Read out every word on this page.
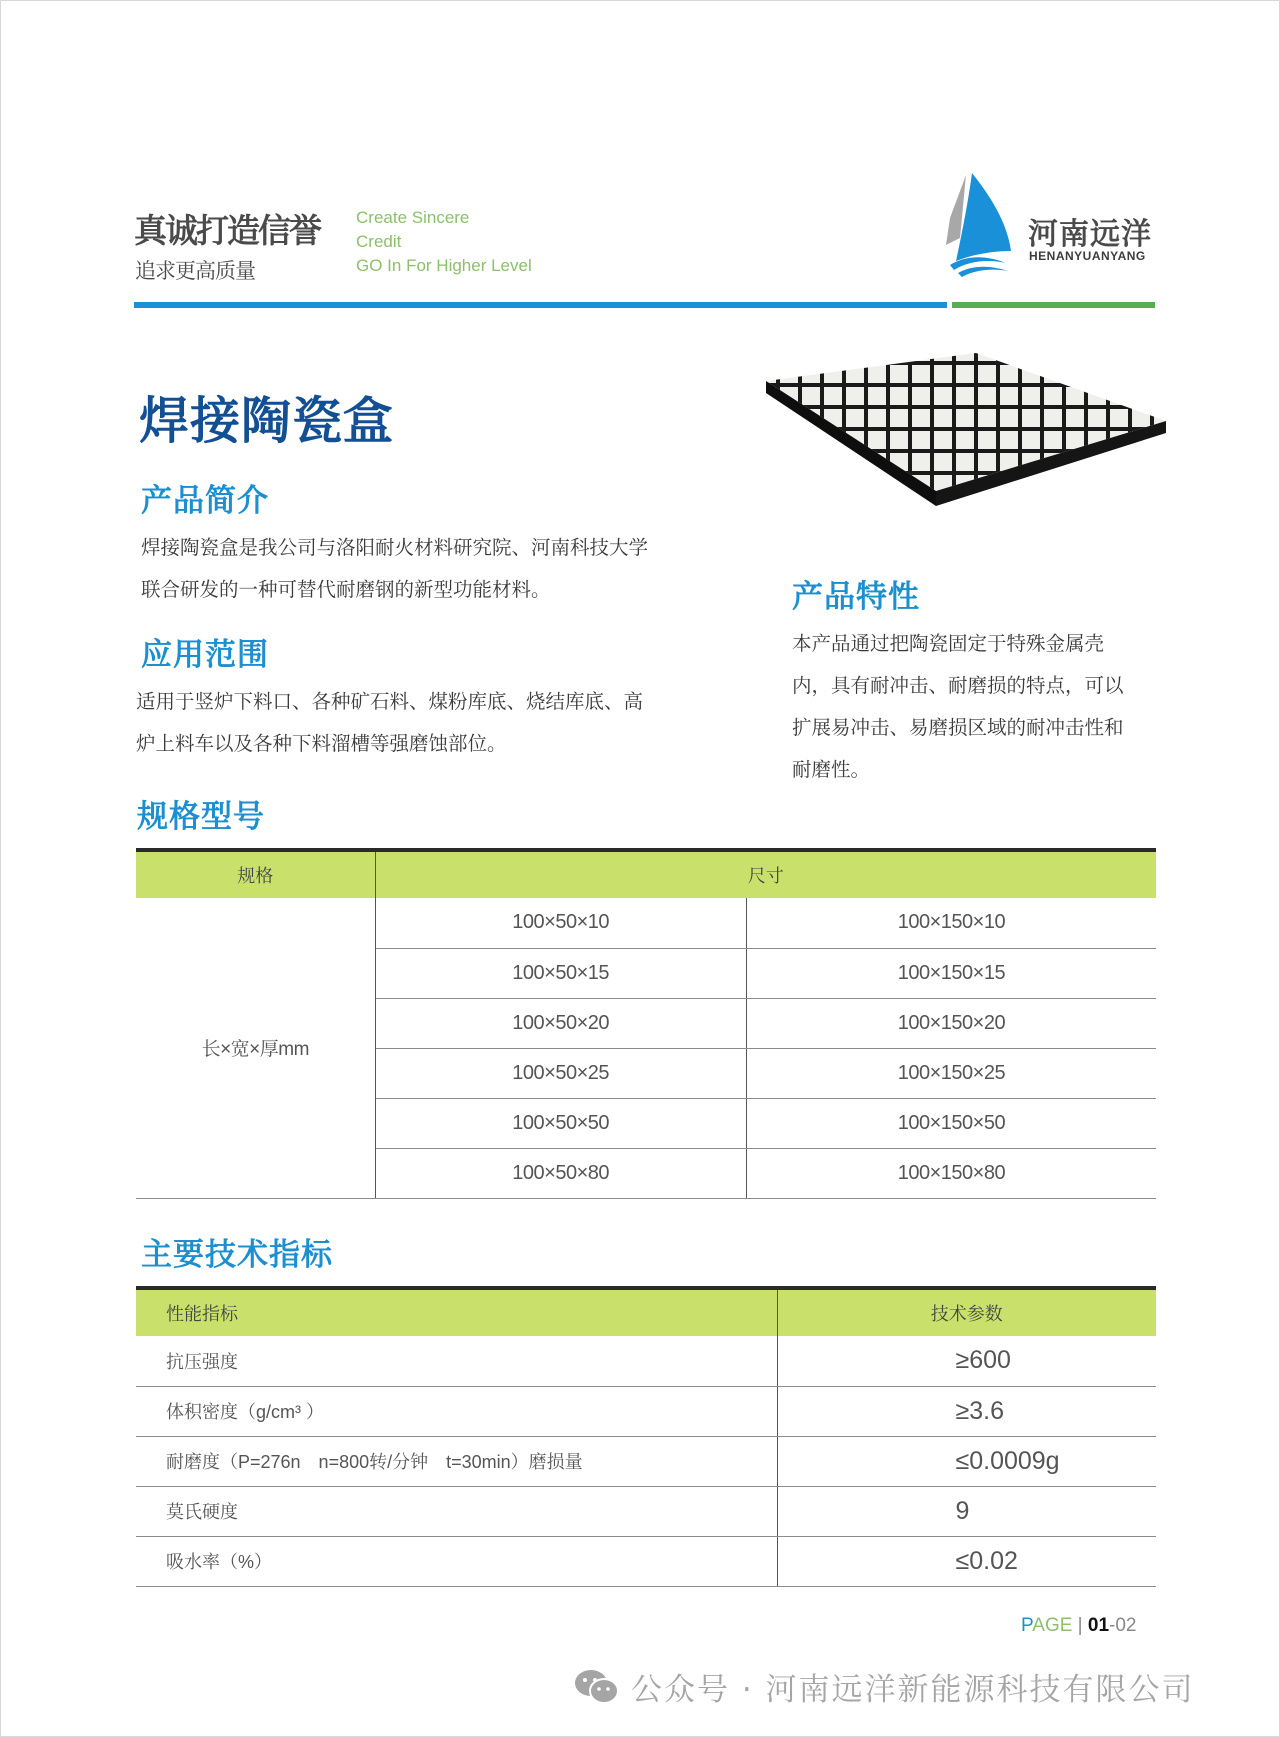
真诚打造信誉
追求更高质量
Create Sincere
Credit
GO In For Higher Level
河南远洋
HENANYUANYANG
焊接陶瓷盒
产品简介
焊接陶瓷盒是我公司与洛阳耐火材料研究院、河南科技大学
联合研发的一种可替代耐磨钢的新型功能材料。
应用范围
适用于竖炉下料口、各种矿石料、煤粉库底、烧结库底、高
炉上料车以及各种下料溜槽等强磨蚀部位。
产品特性
本产品通过把陶瓷固定于特殊金属壳
内，具有耐冲击、耐磨损的特点，可以
扩展易冲击、易磨损区域的耐冲击性和
耐磨性。
规格型号
规格	尺寸	
长×宽×厚mm	100×50×10	100×150×10
	100×50×15	100×150×15
	100×50×20	100×150×20
	100×50×25	100×150×25
	100×50×50	100×150×50
	100×50×80	100×150×80
主要技术指标
性能指标	技术参数
抗压强度	≥600
体积密度（g/cm³ ）	≥3.6
耐磨度（P=276n　n=800转/分钟　t=30min）磨损量	≤0.0009g
莫氏硬度	9
吸水率（%）	≤0.02
PAGE | 01-02
公众号 · 河南远洋新能源科技有限公司
